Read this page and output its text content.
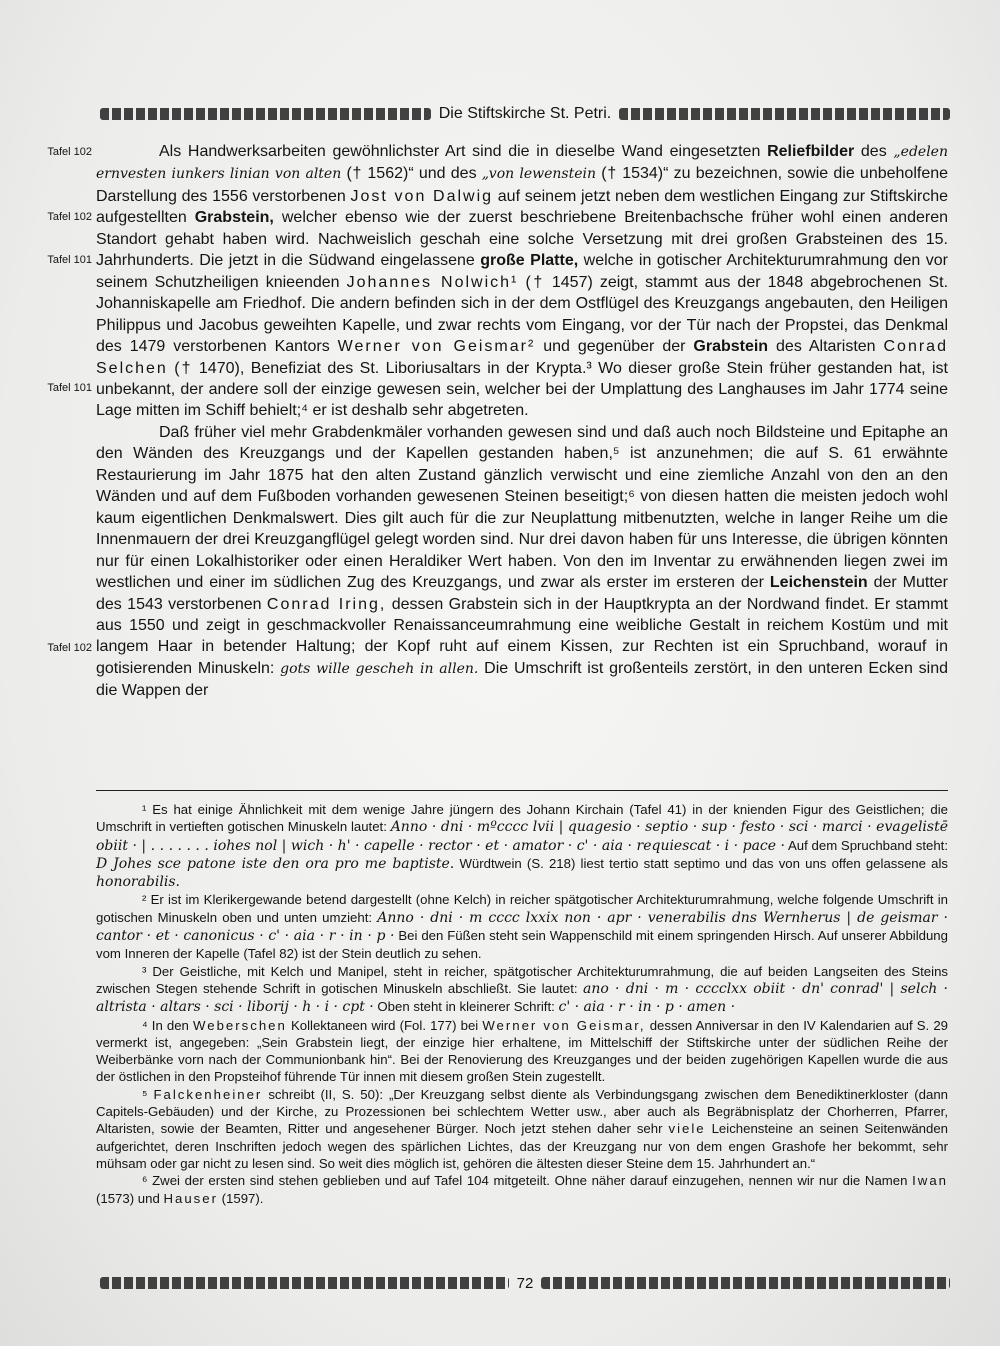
Die Stiftskirche St. Petri.
Tafel 102
Tafel 102
Tafel 101
Tafel 101
Tafel 102

Als Handwerksarbeiten gewöhnlichster Art sind die in dieselbe Wand eingesetzten Reliefbilder des „edelen ernvesten iunkers linian von alten († 1562)“ und des „von lewenstein († 1534)“ zu bezeichnen, sowie die unbeholfene Darstellung des 1556 verstorbenen Jost von Dalwig auf seinem jetzt neben dem westlichen Eingang zur Stiftskirche aufgestellten Grabstein, welcher ebenso wie der zuerst beschriebene Breitenbachsche früher wohl einen anderen Standort gehabt haben wird. Nachweislich geschah eine solche Versetzung mit drei großen Grabsteinen des 15. Jahrhunderts. Die jetzt in die Südwand eingelassene große Platte, welche in gotischer Architekturumrahmung den vor seinem Schutzheiligen knieenden Johannes Nolwich¹ († 1457) zeigt, stammt aus der 1848 abgebrochenen St. Johanniskapelle am Friedhof. Die andern befinden sich in der dem Ostflügel des Kreuzgangs angebauten, den Heiligen Philippus und Jacobus geweihten Kapelle, und zwar rechts vom Eingang, vor der Tür nach der Propstei, das Denkmal des 1479 verstorbenen Kantors Werner von Geismar² und gegenüber der Grabstein des Altaristen Conrad Selchen († 1470), Benefiziat des St. Liboriusaltars in der Krypta.³ Wo dieser große Stein früher gestanden hat, ist unbekannt, der andere soll der einzige gewesen sein, welcher bei der Umplattung des Langhauses im Jahr 1774 seine Lage mitten im Schiff behielt;⁴ er ist deshalb sehr abgetreten.

Daß früher viel mehr Grabdenkmäler vorhanden gewesen sind und daß auch noch Bildsteine und Epitaphe an den Wänden des Kreuzgangs und der Kapellen gestanden haben,⁵ ist anzunehmen; die auf S. 61 erwähnte Restaurierung im Jahr 1875 hat den alten Zustand gänzlich verwischt und eine ziemliche Anzahl von den an den Wänden und auf dem Fußboden vorhanden gewesenen Steinen beseitigt;⁶ von diesen hatten die meisten jedoch wohl kaum eigentlichen Denkmalswert. Dies gilt auch für die zur Neuplattung mitbenutzten, welche in langer Reihe um die Innenmauern der drei Kreuzgangflügel gelegt worden sind. Nur drei davon haben für uns Interesse, die übrigen könnten nur für einen Lokalhistoriker oder einen Heraldiker Wert haben. Von den im Inventar zu erwähnenden liegen zwei im westlichen und einer im südlichen Zug des Kreuzgangs, und zwar als erster im ersteren der Leichenstein der Mutter des 1543 verstorbenen Conrad Iring, dessen Grabstein sich in der Hauptkrypta an der Nordwand findet. Er stammt aus 1550 und zeigt in geschmackvoller Renaissanceumrahmung eine weibliche Gestalt in reichem Kostüm und mit langem Haar in betender Haltung; der Kopf ruht auf einem Kissen, zur Rechten ist ein Spruchband, worauf in gotisierenden Minuskeln: gots wille gescheh in allen. Die Umschrift ist großenteils zerstört, in den unteren Ecken sind die Wappen der

¹ Es hat einige Ähnlichkeit mit dem wenige Jahre jüngern des Johann Kirchain (Tafel 41) in der knienden Figur des Geistlichen; die Umschrift in vertieften gotischen Minuskeln lautet: Anno · dni · mºcccc lvii | quagesio · septio · sup · festo · sci · marci · evagelistē obiit · | . . . . . . . iohes nol | wich · h' · capelle · rector · et · amator · c' · aia · requiescat · i · pace · Auf dem Spruchband steht: D Johes sce patone iste den ora pro me baptiste. Würdtwein (S. 218) liest tertio statt septimo und das von uns offen gelassene als honorabilis.

² Er ist im Klerikergewande betend dargestellt (ohne Kelch) in reicher spätgotischer Architekturumrahmung, welche folgende Umschrift in gotischen Minuskeln oben und unten umzieht: Anno · dni · m cccc lxxix non · apr · venerabilis dns Wernherus | de geismar · cantor · et · canonicus · c' · aia · r · in · p · Bei den Füßen steht sein Wappenschild mit einem springenden Hirsch. Auf unserer Abbildung vom Inneren der Kapelle (Tafel 82) ist der Stein deutlich zu sehen.

³ Der Geistliche, mit Kelch und Manipel, steht in reicher, spätgotischer Architekturumrahmung, die auf beiden Langseiten des Steins zwischen Stegen stehende Schrift in gotischen Minuskeln abschließt. Sie lautet: ano · dni · m · cccclxx obiit · dn' conrad' | selch · altrista · altars · sci · liborij · h · i · cpt · Oben steht in kleinerer Schrift: c' · aia · r · in · p · amen ·

⁴ In den Weberschen Kollektaneen wird (Fol. 177) bei Werner von Geismar, dessen Anniversar in den IV Kalendarien auf S. 29 vermerkt ist, angegeben: „Sein Grabstein liegt, der einzige hier erhaltene, im Mittelschiff der Stiftskirche unter der südlichen Reihe der Weiberbänke vorn nach der Communionbank hin“. Bei der Renovierung des Kreuzganges und der beiden zugehörigen Kapellen wurde die aus der östlichen in den Propsteihof führende Tür innen mit diesem großen Stein zugestellt.

⁵ Falckenheiner schreibt (II, S. 50): „Der Kreuzgang selbst diente als Verbindungsgang zwischen dem Benediktinerkloster (dann Capitels-Gebäuden) und der Kirche, zu Prozessionen bei schlechtem Wetter usw., aber auch als Begräbnisplatz der Chorherren, Pfarrer, Altaristen, sowie der Beamten, Ritter und angesehener Bürger. Noch jetzt stehen daher sehr viele Leichensteine an seinen Seitenwänden aufgerichtet, deren Inschriften jedoch wegen des spärlichen Lichtes, das der Kreuzgang nur von dem engen Grashofe her bekommt, sehr mühsam oder gar nicht zu lesen sind. So weit dies möglich ist, gehören die ältesten dieser Steine dem 15. Jahrhundert an.“

⁶ Zwei der ersten sind stehen geblieben und auf Tafel 104 mitgeteilt. Ohne näher darauf einzugehen, nennen wir nur die Namen Iwan (1573) und Hauser (1597).

72
